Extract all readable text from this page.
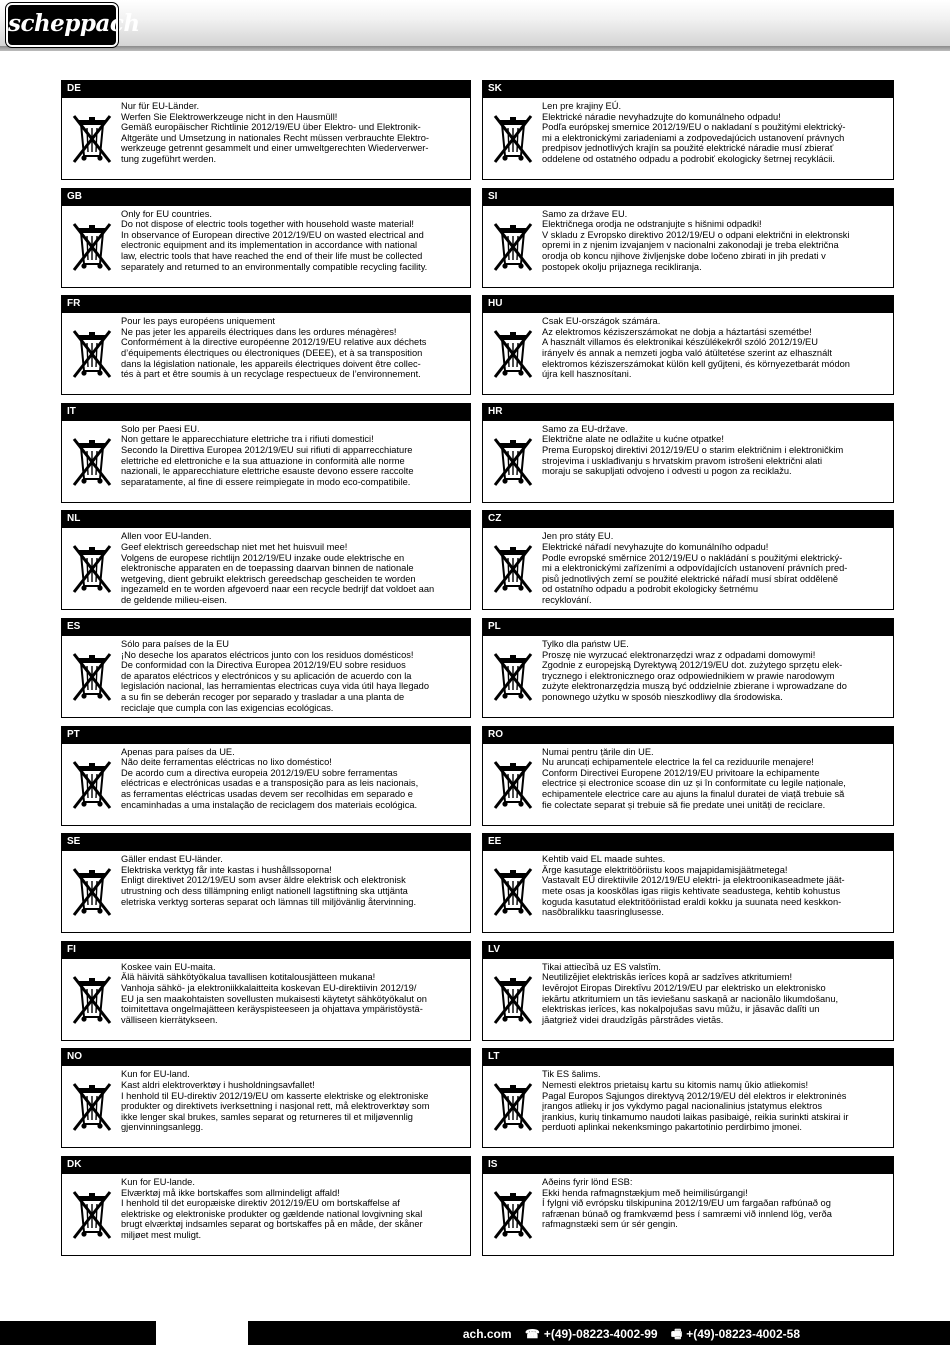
scheppach
DE
Nur für EU-Länder.
Werfen Sie Elektrowerkzeuge nicht in den Hausmüll!
Gemäß europäischer Richtlinie 2012/19/EU über Elektro- und Elektronik-
Altgeräte und Umsetzung in nationales Recht müssen verbrauchte Elektro-
werkzeuge getrennt gesammelt und einer umweltgerechten Wiederverwer-
tung zugeführt werden.
SK
Len pre krajiny EÚ.
Elektrické náradie nevyhadzujte do komunálneho odpadu!
Podľa európskej smernice 2012/19/EU o nakladaní s použitými elektrický-
mi a elektronickými zariadeniami a zodpovedajúcich ustanovení právnych
predpisov jednotlivých krajín sa použité elektrické náradie musí zbierať
oddelene od ostatného odpadu a podrobiť ekologicky šetrnej recyklácii.
GB
Only for EU countries.
Do not dispose of electric tools together with household waste material!
In observance of European directive 2012/19/EU on wasted electrical and
electronic equipment and its implementation in accordance with national
law, electric tools that have reached the end of their life must be collected
separately and returned to an environmentally compatible recycling facility.
SI
Samo za države EU.
Električnega orodja ne odstranjujte s hišnimi odpadki!
V skladu z Evropsko direktivo 2012/19/EU o odpani električni in elektronski
opremi in z njenim izvajanjem v nacionalni zakonodaji je treba električna
orodja ob koncu njihove življenjske dobe ločeno zbirati in jih predati v
postopek okolju prijaznega recikliranja.
FR
Pour les pays européens uniquement
Ne pas jeter les appareils électriques dans les ordures ménagères!
Conformément à la directive européenne 2012/19/EU relative aux déchets
d’équipements électriques ou électroniques (DEEE), et à sa transposition
dans la législation nationale, les appareils électriques doivent être collec-
tés à part et être soumis à un recyclage respectueux de l’environnement.
HU
Csak EU-országok számára.
Az elektromos kéziszerszámokat ne dobja a háztartási szemétbe!
A használt villamos és elektronikai készülékekről szóló 2012/19/EU
irányelv és annak a nemzeti jogba való átültetése szerint az elhasznált
elektromos kéziszerszámokat külön kell gyűjteni, és környezetbarát módon
újra kell hasznosítani.
IT
Solo per Paesi EU.
Non gettare le apparecchiature elettriche tra i rifiuti domestici!
Secondo la Direttiva Europea 2012/19/EU sui rifiuti di apparrecchiature
elettriche ed elettroniche e la sua attuazione in conformità alle norme
nazionali, le apparecchiature elettriche esauste devono essere raccolte
separatamente, al fine di essere reimpiegate in modo eco-compatibile.
HR
Samo za EU-države.
Električne alate ne odlažite u kućne otpatke!
Prema Europskoj direktivi 2012/19/EU o starim električnim i elektroničkim
strojevima i usklađivanju s hrvatskim pravom istrošeni električni alati
moraju se sakupljati odvojeno i odvesti u pogon za reciklažu.
NL
Allen voor EU-landen.
Geef elektrisch gereedschap niet met het huisvuil mee!
Volgens de europese richtlijn 2012/19/EU inzake oude elektrische en
elektronische apparaten en de toepassing daarvan binnen de nationale
wetgeving, dient gebruikt elektrisch gereedschap gescheiden te worden
ingezameld en te worden afgevoerd naar een recycle bedrijf dat voldoet aan
de geldende milieu-eisen.
CZ
Jen pro státy EU.
Elektrické nářadí nevyhazujte do komunálního odpadu!
Podle evropské směrnice 2012/19/EU o nakládání s použitými elektrický-
mi a elektronickými zařízeními a odpovídajících ustanovení právních pred-
pisů jednotlivých zemí se použité elektrické nářadí musí sbírat odděleně
od ostatního odpadu a podrobit ekologicky šetrnému
recyklování.
ES
Sólo para países de la EU
¡No deseche los aparatos eléctricos junto con los residuos domésticos!
De conformidad con la Directiva Europea 2012/19/EU sobre residuos
de aparatos eléctricos y electrónicos y su aplicación de acuerdo con la
legislación nacional, las herramientas electricas cuya vida útil haya llegado
a su fin se deberán recoger por separado y trasladar a una planta de
reciclaje que cumpla con las exigencias ecológicas.
PL
Tylko dla państw UE.
Proszę nie wyrzucać elektronarzędzi wraz z odpadami domowymi!
Zgodnie z europejską Dyrektywą 2012/19/EU dot. zużytego sprzętu elek-
trycznego i elektronicznego oraz odpowiednikiem w prawie narodowym
zużyte elektronarzędzia muszą być oddzielnie zbierane i wprowadzane do
ponownego użytku w sposób nieszkodliwy dla środowiska.
PT
Apenas para países da UE.
Não deite ferramentas eléctricas no lixo doméstico!
De acordo cum a directiva europeia 2012/19/EU sobre ferramentas
eléctricas e electrónicas usadas e a transposição para as leis nacionais,
as ferramentas eléctricas usadas devem ser recolhidas em separado e
encaminhadas a uma instalação de reciclagem dos materiais ecológica.
RO
Numai pentru țările din UE.
Nu aruncați echipamentele electrice la fel ca reziduurile menajere!
Conform Directivei Europene 2012/19/EU privitoare la echipamente
electrice și electronice scoase din uz și în conformitate cu legile naționale,
echipamentele electrice care au ajuns la finalul duratei de viață trebuie să
fie colectate separat și trebuie să fie predate unei unități de reciclare.
SE
Gäller endast EU-länder.
Elektriska verktyg får inte kastas i hushållssoporna!
Enligt direktivet 2012/19/EU som avser äldre elektrisk och elektronisk
utrustning och dess tillämpning enligt nationell lagstiftning ska uttjänta
eletriska verktyg sorteras separat och lämnas till miljövänlig återvinning.
EE
Kehtib vaid EL maade suhtes.
Ärge kasutage elektritööriistu koos majapidamisjäätmetega!
Vastavalt EÜ direktiivile 2012/19/EU elektri- ja elektroonikaseadmete jäät-
mete osas ja kooskõlas igas riigis kehtivate seadustega, kehtib kohustus
koguda kasutatud elektritööriistad eraldi kokku ja suunata need keskkon-
nasõbralikku taasringlusesse.
FI
Koskee vain EU-maita.
Älä häivitä sähkötyökalua tavallisen kotitalousjätteen mukana!
Vanhoja sähkö- ja elektroniikkalaitteita koskevan EU-direktiivin 2012/19/
EU ja sen maakohtaisten sovellusten mukaisesti käytetyt sähkötyökalut on
toimitettava ongelmajätteen keräyspisteeseen ja ohjattava ympäristöystä-
välliseen kierrätykseen.
LV
Tikai attiecībā uz ES valstīm.
Neutilizējiet elektriskās ierīces kopā ar sadzīves atkritumiem!
Ievērojot Eiropas Direktīvu 2012/19/EU par elektrisko un elektronisko
iekārtu atkritumiem un tās ieviešanu saskaņā ar nacionālo likumdošanu,
elektriskas ierīces, kas nokalpojušas savu mūžu, ir jāsavāc dalīti un
jāatgriež videi draudzīgās pārstrādes vietās.
NO
Kun for EU-land.
Kast aldri elektroverktøy i husholdningsavfallet!
I henhold til EU-direktiv 2012/19/EU om kasserte elektriske og elektroniske
produkter og direktivets iverksettning i nasjonal rett, må elektroverktøy som
ikke lenger skal brukes, samles separat og returneres til et miljøvennlig
gjenvinningsanlegg.
LT
Tik ES šalims.
Nemesti elektros prietaisų kartu su kitomis namų ūkio atliekomis!
Pagal Europos Sąjungos direktyvą 2012/19/EU dėl elektros ir elektroninės
įrangos atliekų ir jos vykdymo pagal nacionalinius įstatymus elektros
įrankius, kurių tinkamumo naudoti laikas pasibaigė, reikia surinkti atskirai ir
perduoti aplinkai nekenksmingo pakartotinio perdirbimo įmonei.
DK
Kun for EU-lande.
Elværktøj må ikke bortskaffes som allmindeligt affald!
I henhold til det europæiske direktiv 2012/19/EU om bortskaffelse af
elektriske og elektroniske produkter og gældende national lovgivning skal
brugt elværktøj indsamles separat og bortskaffes på en måde, der skåner
miljøet mest muligt.
IS
Aðeins fyrir lönd ESB:
Ekki henda rafmagnstækjum með heimilisúrgangi!
Í fylgni við evrópsku tilskipunina 2012/19/EU um fargaðan rafbúnað og
rafrænan búnað og framkvæmd þess í samræmi við innlend lög, verða
rafmagnstæki sem úr sér gengin.
ach.com ☎ +(49)-08223-4002-99 🖷 +(49)-08223-4002-58
